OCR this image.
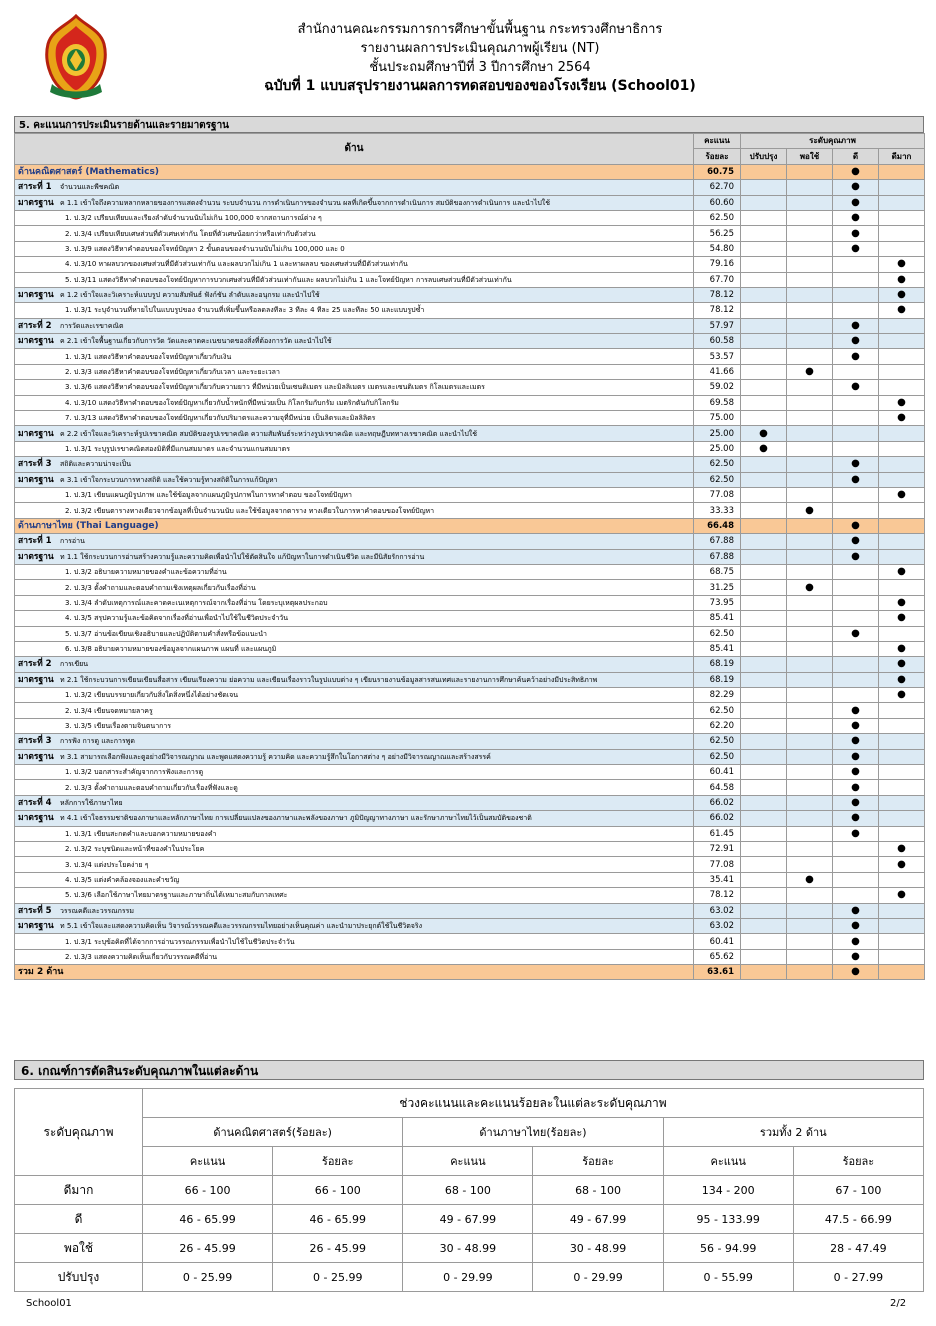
สำนักงานคณะกรรมการการศึกษาขั้นพื้นฐาน กระทรวงศึกษาธิการ
รายงานผลการประเมินคุณภาพผู้เรียน (NT)
ชั้นประถมศึกษาปีที่ 3 ปีการศึกษา 2564
ฉบับที่ 1 แบบสรุปรายงานผลการทดสอบของของโรงเรียน (School01)
5. คะแนนการประเมินรายด้านและรายมาตรฐาน
ด้าน	คะแนน	ระดับคุณภาพ			
	ร้อยละ	ปรับปรุง	พอใช้	ดี	ดีมาก
ด้านคณิตศาสตร์ (Mathematics)	60.75			●	
สาระที่ 1 จำนวนและพีชคณิต	62.70			●	
มาตรฐาน ค 1.1 เข้าใจถึงความหลากหลายของการแสดงจำนวน ระบบจำนวน การดำเนินการของจำนวน ผลที่เกิดขึ้นจากการดำเนินการ สมบัติของการดำเนินการ และนำไปใช้	60.60			●	
1. ป.3/2 เปรียบเทียบและเรียงลำดับจำนวนนับไม่เกิน 100,000 จากสถานการณ์ต่าง ๆ	62.50			●	
2. ป.3/4 เปรียบเทียบเศษส่วนที่ตัวเศษเท่ากัน โดยที่ตัวเศษน้อยกว่าหรือเท่ากับตัวส่วน	56.25			●	
3. ป.3/9 แสดงวิธีหาคำตอบของโจทย์ปัญหา 2 ขั้นตอนของจำนวนนับไม่เกิน 100,000 และ 0	54.80			●	
4. ป.3/10 หาผลบวกของเศษส่วนที่มีตัวส่วนเท่ากัน และผลบวกไม่เกิน 1 และหาผลลบ ของเศษส่วนที่มีตัวส่วนเท่ากัน	79.16				●
5. ป.3/11 แสดงวิธีหาคำตอบของโจทย์ปัญหาการบวกเศษส่วนที่มีตัวส่วนเท่ากันและ ผลบวกไม่เกิน 1 และโจทย์ปัญหา การลบเศษส่วนที่มีตัวส่วนเท่ากัน	67.70				●
มาตรฐาน ค 1.2 เข้าใจและวิเคราะห์แบบรูป ความสัมพันธ์ ฟังก์ชัน ลำดับและอนุกรม และนำไปใช้	78.12				●
1. ป.3/1 ระบุจำนวนที่หายไปในแบบรูปของ จำนวนที่เพิ่มขึ้นหรือลดลงทีละ 3 ทีละ 4 ทีละ 25 และทีละ 50 และแบบรูปซ้ำ	78.12				●
สาระที่ 2 การวัดและเรขาคณิต	57.97			●	
มาตรฐาน ค 2.1 เข้าใจพื้นฐานเกี่ยวกับการวัด วัดและคาดคะเนขนาดของสิ่งที่ต้องการวัด และนำไปใช้	60.58			●	
1. ป.3/1 แสดงวิธีหาคำตอบของโจทย์ปัญหาเกี่ยวกับเงิน	53.57			●	
2. ป.3/3 แสดงวิธีหาคำตอบของโจทย์ปัญหาเกี่ยวกับเวลา และระยะเวลา	41.66		●		
3. ป.3/6 แสดงวิธีหาคำตอบของโจทย์ปัญหาเกี่ยวกับความยาว ที่มีหน่วยเป็นเซนติเมตร และมิลลิเมตร เมตรและเซนติเมตร กิโลเมตรและเมตร	59.02			●	
4. ป.3/10 แสดงวิธีหาคำตอบของโจทย์ปัญหาเกี่ยวกับน้ำหนักที่มีหน่วยเป็น กิโลกรัมกับกรัม เมตริกตันกับกิโลกรัม	69.58				●
7. ป.3/13 แสดงวิธีหาคำตอบของโจทย์ปัญหาเกี่ยวกับปริมาตรและความจุที่มีหน่วย เป็นลิตรและมิลลิลิตร	75.00				●
มาตรฐาน ค 2.2 เข้าใจและวิเคราะห์รูปเรขาคณิต สมบัติของรูปเรขาคณิต ความสัมพันธ์ระหว่างรูปเรขาคณิต และทฤษฎีบททางเรขาคณิต และนำไปใช้	25.00	●			
1. ป.3/1 ระบุรูปเรขาคณิตสองมิติที่มีแกนสมมาตร และจำนวนแกนสมมาตร	25.00	●			
สาระที่ 3 สถิติและความน่าจะเป็น	62.50			●	
มาตรฐาน ค 3.1 เข้าใจกระบวนการทางสถิติ และใช้ความรู้ทางสถิติในการแก้ปัญหา	62.50			●	
1. ป.3/1 เขียนแผนภูมิรูปภาพ และใช้ข้อมูลจากแผนภูมิรูปภาพในการหาคำตอบ ของโจทย์ปัญหา	77.08				●
2. ป.3/2 เขียนตารางทางเดียวจากข้อมูลที่เป็นจำนวนนับ และใช้ข้อมูลจากตาราง ทางเดียวในการหาคำตอบของโจทย์ปัญหา	33.33		●		
ด้านภาษาไทย (Thai Language)	66.48			●	
สาระที่ 1 การอ่าน	67.88			●	
มาตรฐาน ท 1.1 ใช้กระบวนการอ่านสร้างความรู้และความคิดเพื่อนำไปใช้ตัดสินใจ แก้ปัญหาในการดำเนินชีวิต และมีนิสัยรักการอ่าน	67.88			●	
1. ป.3/2 อธิบายความหมายของคำและข้อความที่อ่าน	68.75				●
2. ป.3/3 ตั้งคำถามและตอบคำถามเชิงเหตุผลเกี่ยวกับเรื่องที่อ่าน	31.25		●		
3. ป.3/4 ลำดับเหตุการณ์และคาดคะเนเหตุการณ์จากเรื่องที่อ่าน โดยระบุเหตุผลประกอบ	73.95				●
4. ป.3/5 สรุปความรู้และข้อคิดจากเรื่องที่อ่านเพื่อนำไปใช้ในชีวิตประจำวัน	85.41				●
5. ป.3/7 อ่านข้อเขียนเชิงอธิบายและปฏิบัติตามคำสั่งหรือข้อแนะนำ	62.50			●	
6. ป.3/8 อธิบายความหมายของข้อมูลจากแผนภาพ แผนที่ และแผนภูมิ	85.41				●
สาระที่ 2 การเขียน	68.19				●
มาตรฐาน ท 2.1 ใช้กระบวนการเขียนเขียนสื่อสาร เขียนเรียงความ ย่อความ และเขียนเรื่องราวในรูปแบบต่าง ๆ เขียนรายงานข้อมูลสารสนเทศและรายงานการศึกษาค้นคว้าอย่างมีประสิทธิภาพ	68.19				●
1. ป.3/2 เขียนบรรยายเกี่ยวกับสิ่งใดสิ่งหนึ่งได้อย่างชัดเจน	82.29				●
2. ป.3/4 เขียนจดหมายลาครู	62.50			●	
3. ป.3/5 เขียนเรื่องตามจินตนาการ	62.20			●	
สาระที่ 3 การฟัง การดู และการพูด	62.50			●	
มาตรฐาน ท 3.1 สามารถเลือกฟังและดูอย่างมีวิจารณญาณ และพูดแสดงความรู้ ความคิด และความรู้สึกในโอกาสต่าง ๆ อย่างมีวิจารณญาณและสร้างสรรค์	62.50			●	
1. ป.3/2 บอกสาระสำคัญจากการฟังและการดู	60.41			●	
2. ป.3/3 ตั้งคำถามและตอบคำถามเกี่ยวกับเรื่องที่ฟังและดู	64.58			●	
สาระที่ 4 หลักการใช้ภาษาไทย	66.02			●	
มาตรฐาน ท 4.1 เข้าใจธรรมชาติของภาษาและหลักภาษาไทย การเปลี่ยนแปลงของภาษาและพลังของภาษา ภูมิปัญญาทางภาษา และรักษาภาษาไทยไว้เป็นสมบัติของชาติ	66.02			●	
1. ป.3/1 เขียนสะกดคำและบอกความหมายของคำ	61.45			●	
2. ป.3/2 ระบุชนิดและหน้าที่ของคำในประโยค	72.91				●
3. ป.3/4 แต่งประโยคง่าย ๆ	77.08				●
4. ป.3/5 แต่งคำคล้องจองและคำขวัญ	35.41		●		
5. ป.3/6 เลือกใช้ภาษาไทยมาตรฐานและภาษาถิ่นได้เหมาะสมกับกาลเทศะ	78.12				●
สาระที่ 5 วรรณคดีและวรรณกรรม	63.02			●	
มาตรฐาน ท 5.1 เข้าใจและแสดงความคิดเห็น วิจารณ์วรรณคดีและวรรณกรรมไทยอย่างเห็นคุณค่า และนำมาประยุกต์ใช้ในชีวิตจริง	63.02			●	
1. ป.3/1 ระบุข้อคิดที่ได้จากการอ่านวรรณกรรมเพื่อนำไปใช้ในชีวิตประจำวัน	60.41			●	
2. ป.3/3 แสดงความคิดเห็นเกี่ยวกับวรรณคดีที่อ่าน	65.62			●	
รวม 2 ด้าน	63.61			●	
6. เกณฑ์การตัดสินระดับคุณภาพในแต่ละด้าน
ระดับคุณภาพ	ช่วงคะแนนและคะแนนร้อยละในแต่ละระดับคุณภาพ					
	ด้านคณิตศาสตร์(ร้อยละ)		ด้านภาษาไทย(ร้อยละ)		รวมทั้ง 2 ด้าน	
	คะแนน	ร้อยละ	คะแนน	ร้อยละ	คะแนน	ร้อยละ
ดีมาก	66 - 100	66 - 100	68 - 100	68 - 100	134 - 200	67 - 100
ดี	46 - 65.99	46 - 65.99	49 - 67.99	49 - 67.99	95 - 133.99	47.5 - 66.99
พอใช้	26 - 45.99	26 - 45.99	30 - 48.99	30 - 48.99	56 - 94.99	28 - 47.49
ปรับปรุง	0 - 25.99	0 - 25.99	0 - 29.99	0 - 29.99	0 - 55.99	0 - 27.99
School01	2/2
